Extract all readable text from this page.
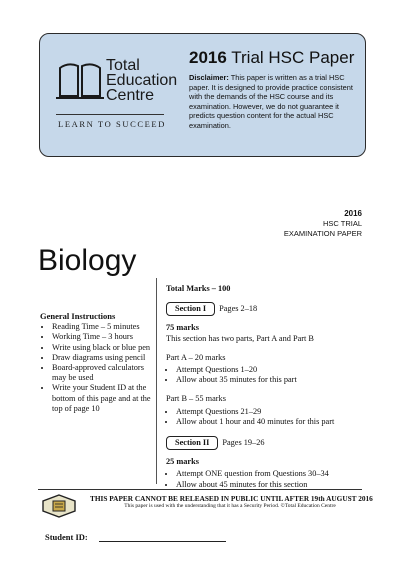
Total
Education
Centre
LEARN TO SUCCEED
2016 Trial HSC Paper
Disclaimer: This paper is written as a trial HSC paper. It is designed to provide practice consistent with the demands of the HSC course and its examination. However, we do not guarantee it predicts question content for the actual HSC examination.
2016
HSC TRIAL
EXAMINATION PAPER
Biology
General Instructions
• Reading Time – 5 minutes
• Working Time – 3 hours
• Write using black or blue pen
• Draw diagrams using pencil
• Board-approved calculators may be used
• Write your Student ID at the bottom of this page and at the top of page 10
Total Marks – 100
Section I Pages 2–18
75 marks
This section has two parts, Part A and Part B
Part A – 20 marks
• Attempt Questions 1–20
• Allow about 35 minutes for this part
Part B – 55 marks
• Attempt Questions 21–29
• Allow about 1 hour and 40 minutes for this part
Section II Pages 19–26
25 marks
• Attempt ONE question from Questions 30–34
• Allow about 45 minutes for this section
THIS PAPER CANNOT BE RELEASED IN PUBLIC UNTIL AFTER 19th AUGUST 2016
This paper is used with the understanding that it has a Security Period. ©Total Education Centre
Student ID:
